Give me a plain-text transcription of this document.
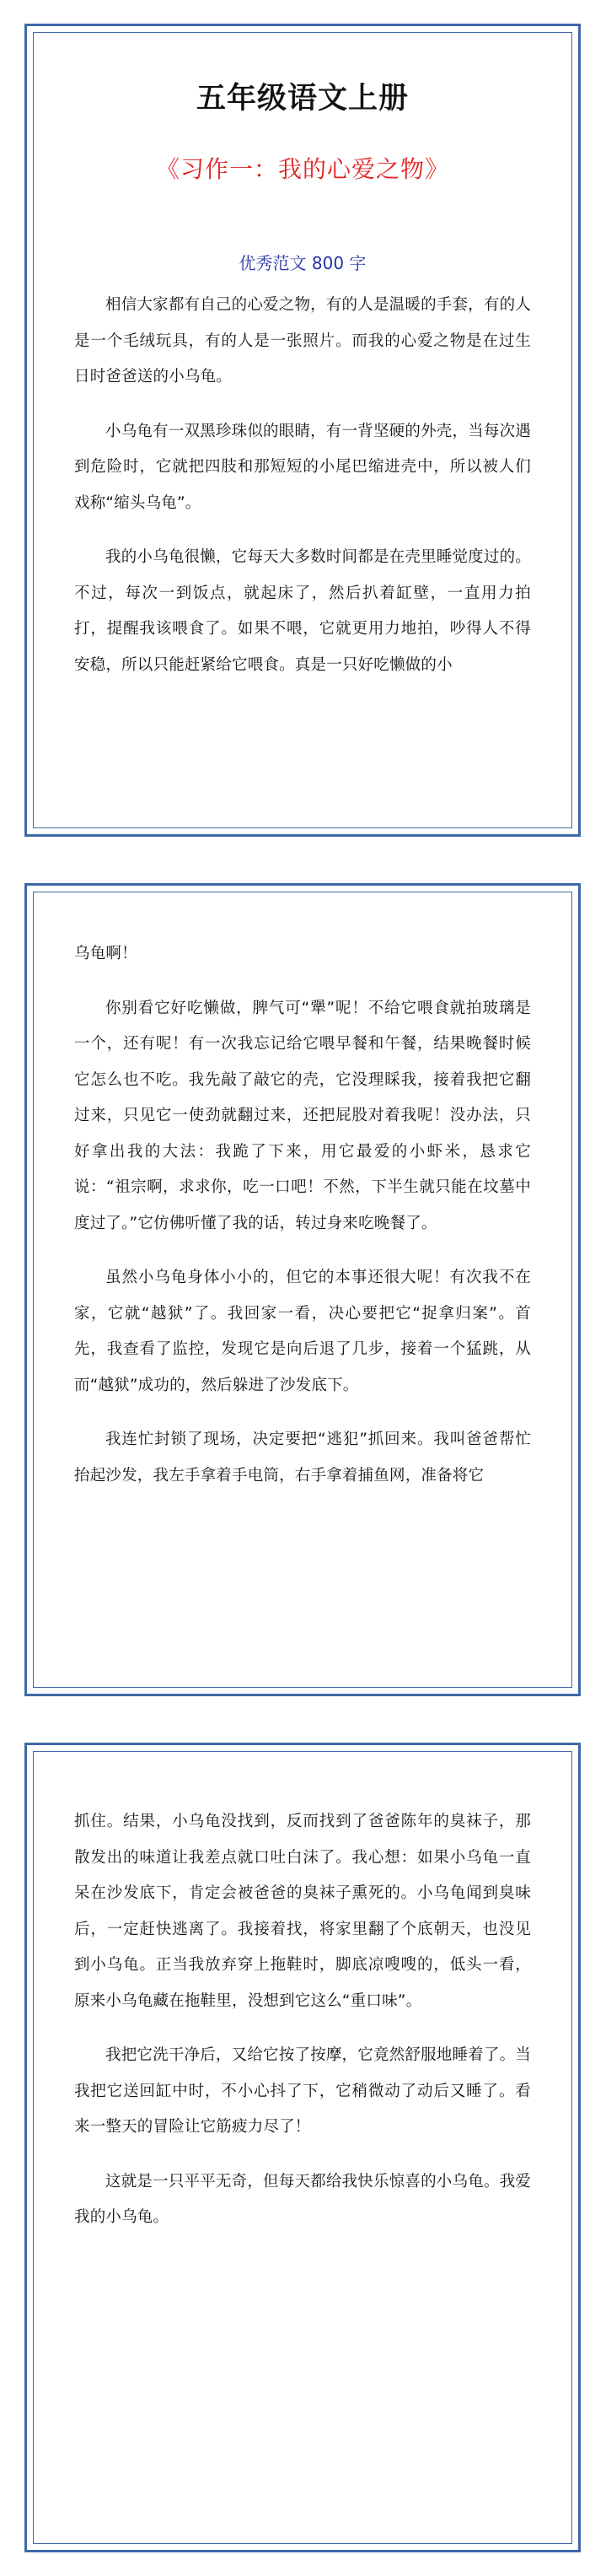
五年级语文上册
《习作一：我的心爱之物》
优秀范文 800 字

相信大家都有自己的心爱之物，有的人是温暖的手套，有的人是一个毛绒玩具，有的人是一张照片。而我的心爱之物是在过生日时爸爸送的小乌龟。

小乌龟有一双黑珍珠似的眼睛，有一背坚硬的外壳，当每次遇到危险时，它就把四肢和那短短的小尾巴缩进壳中，所以被人们戏称“缩头乌龟”。

我的小乌龟很懒，它每天大多数时间都是在壳里睡觉度过的。不过，每次一到饭点，就起床了，然后扒着缸壁，一直用力拍打，提醒我该喂食了。如果不喂，它就更用力地拍，吵得人不得安稳，所以只能赶紧给它喂食。真是一只好吃懒做的小

乌龟啊！

你别看它好吃懒做，脾气可“犟”呢！不给它喂食就拍玻璃是一个，还有呢！有一次我忘记给它喂早餐和午餐，结果晚餐时候它怎么也不吃。我先敲了敲它的壳，它没理睬我，接着我把它翻过来，只见它一使劲就翻过来，还把屁股对着我呢！没办法，只好拿出我的大法：我跪了下来，用它最爱的小虾米，恳求它说：“祖宗啊，求求你，吃一口吧！不然，下半生就只能在坟墓中度过了。”它仿佛听懂了我的话，转过身来吃晚餐了。

虽然小乌龟身体小小的，但它的本事还很大呢！有次我不在家，它就“越狱”了。我回家一看，决心要把它“捉拿归案”。首先，我查看了监控，发现它是向后退了几步，接着一个猛跳，从而“越狱”成功的，然后躲进了沙发底下。

我连忙封锁了现场，决定要把“逃犯”抓回来。我叫爸爸帮忙抬起沙发，我左手拿着手电筒，右手拿着捕鱼网，准备将它

抓住。结果，小乌龟没找到，反而找到了爸爸陈年的臭袜子，那散发出的味道让我差点就口吐白沫了。我心想：如果小乌龟一直呆在沙发底下，肯定会被爸爸的臭袜子熏死的。小乌龟闻到臭味后，一定赶快逃离了。我接着找，将家里翻了个底朝天，也没见到小乌龟。正当我放弃穿上拖鞋时，脚底凉嗖嗖的，低头一看，原来小乌龟藏在拖鞋里，没想到它这么“重口味”。

我把它洗干净后，又给它按了按摩，它竟然舒服地睡着了。当我把它送回缸中时，不小心抖了下，它稍微动了动后又睡了。看来一整天的冒险让它筋疲力尽了！

这就是一只平平无奇，但每天都给我快乐惊喜的小乌龟。我爱我的小乌龟。
